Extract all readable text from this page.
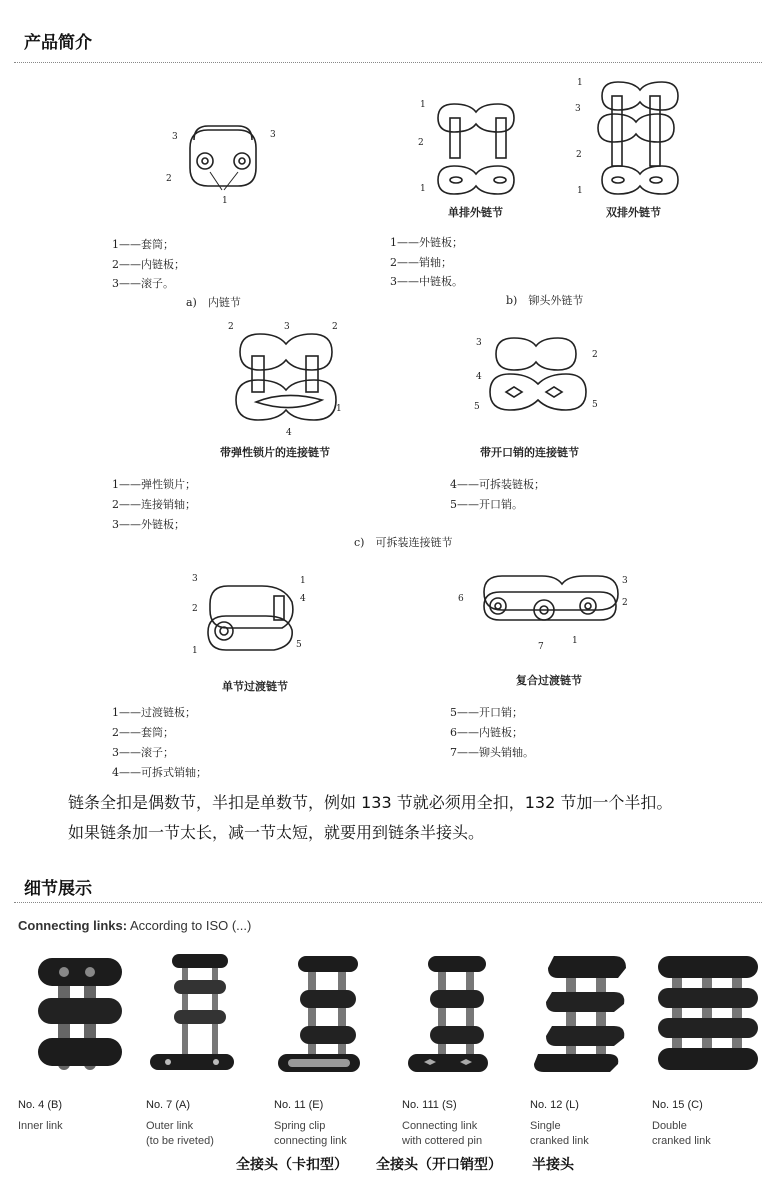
产品简介
3	3
2
1
1
2
1
1
3
2
1
2	3	2
1
4
3
2
4
5	5
3	1
2
4
1
5
3
6	2
7
1
1——套筒；
2——内链板；
3——滚子。
a)　内链节
单排外链节	双排外链节
1——外链板；
2——销轴；
3——中链板。
b)　铆头外链节
带弹性锁片的连接链节	带开口销的连接链节
1——弹性锁片；
2——连接销轴；
3——外链板；
4——可拆装链板；
5——开口销。
c)　可拆装连接链节
单节过渡链节	复合过渡链节
1——过渡链板；
2——套筒；
3——滚子；
4——可拆式销轴；
5——开口销；
6——内链板；
7——铆头销轴。
链条全扣是偶数节，半扣是单数节，例如 133 节就必须用全扣，132 节加一个半扣。
如果链条加一节太长，减一节太短，就要用到链条半接头。
细节展示
Connecting links: According to ISO (...)
No. 4 (B)
Inner link
No. 7 (A)
Outer link
(to be riveted)
No. 11 (E)
Spring clip
connecting link
No. 111 (S)
Connecting link
with cottered pin
No. 12 (L)
Single
cranked link
No. 15 (C)
Double
cranked link
全接头（卡扣型） 全接头（开口销型） 半接头
